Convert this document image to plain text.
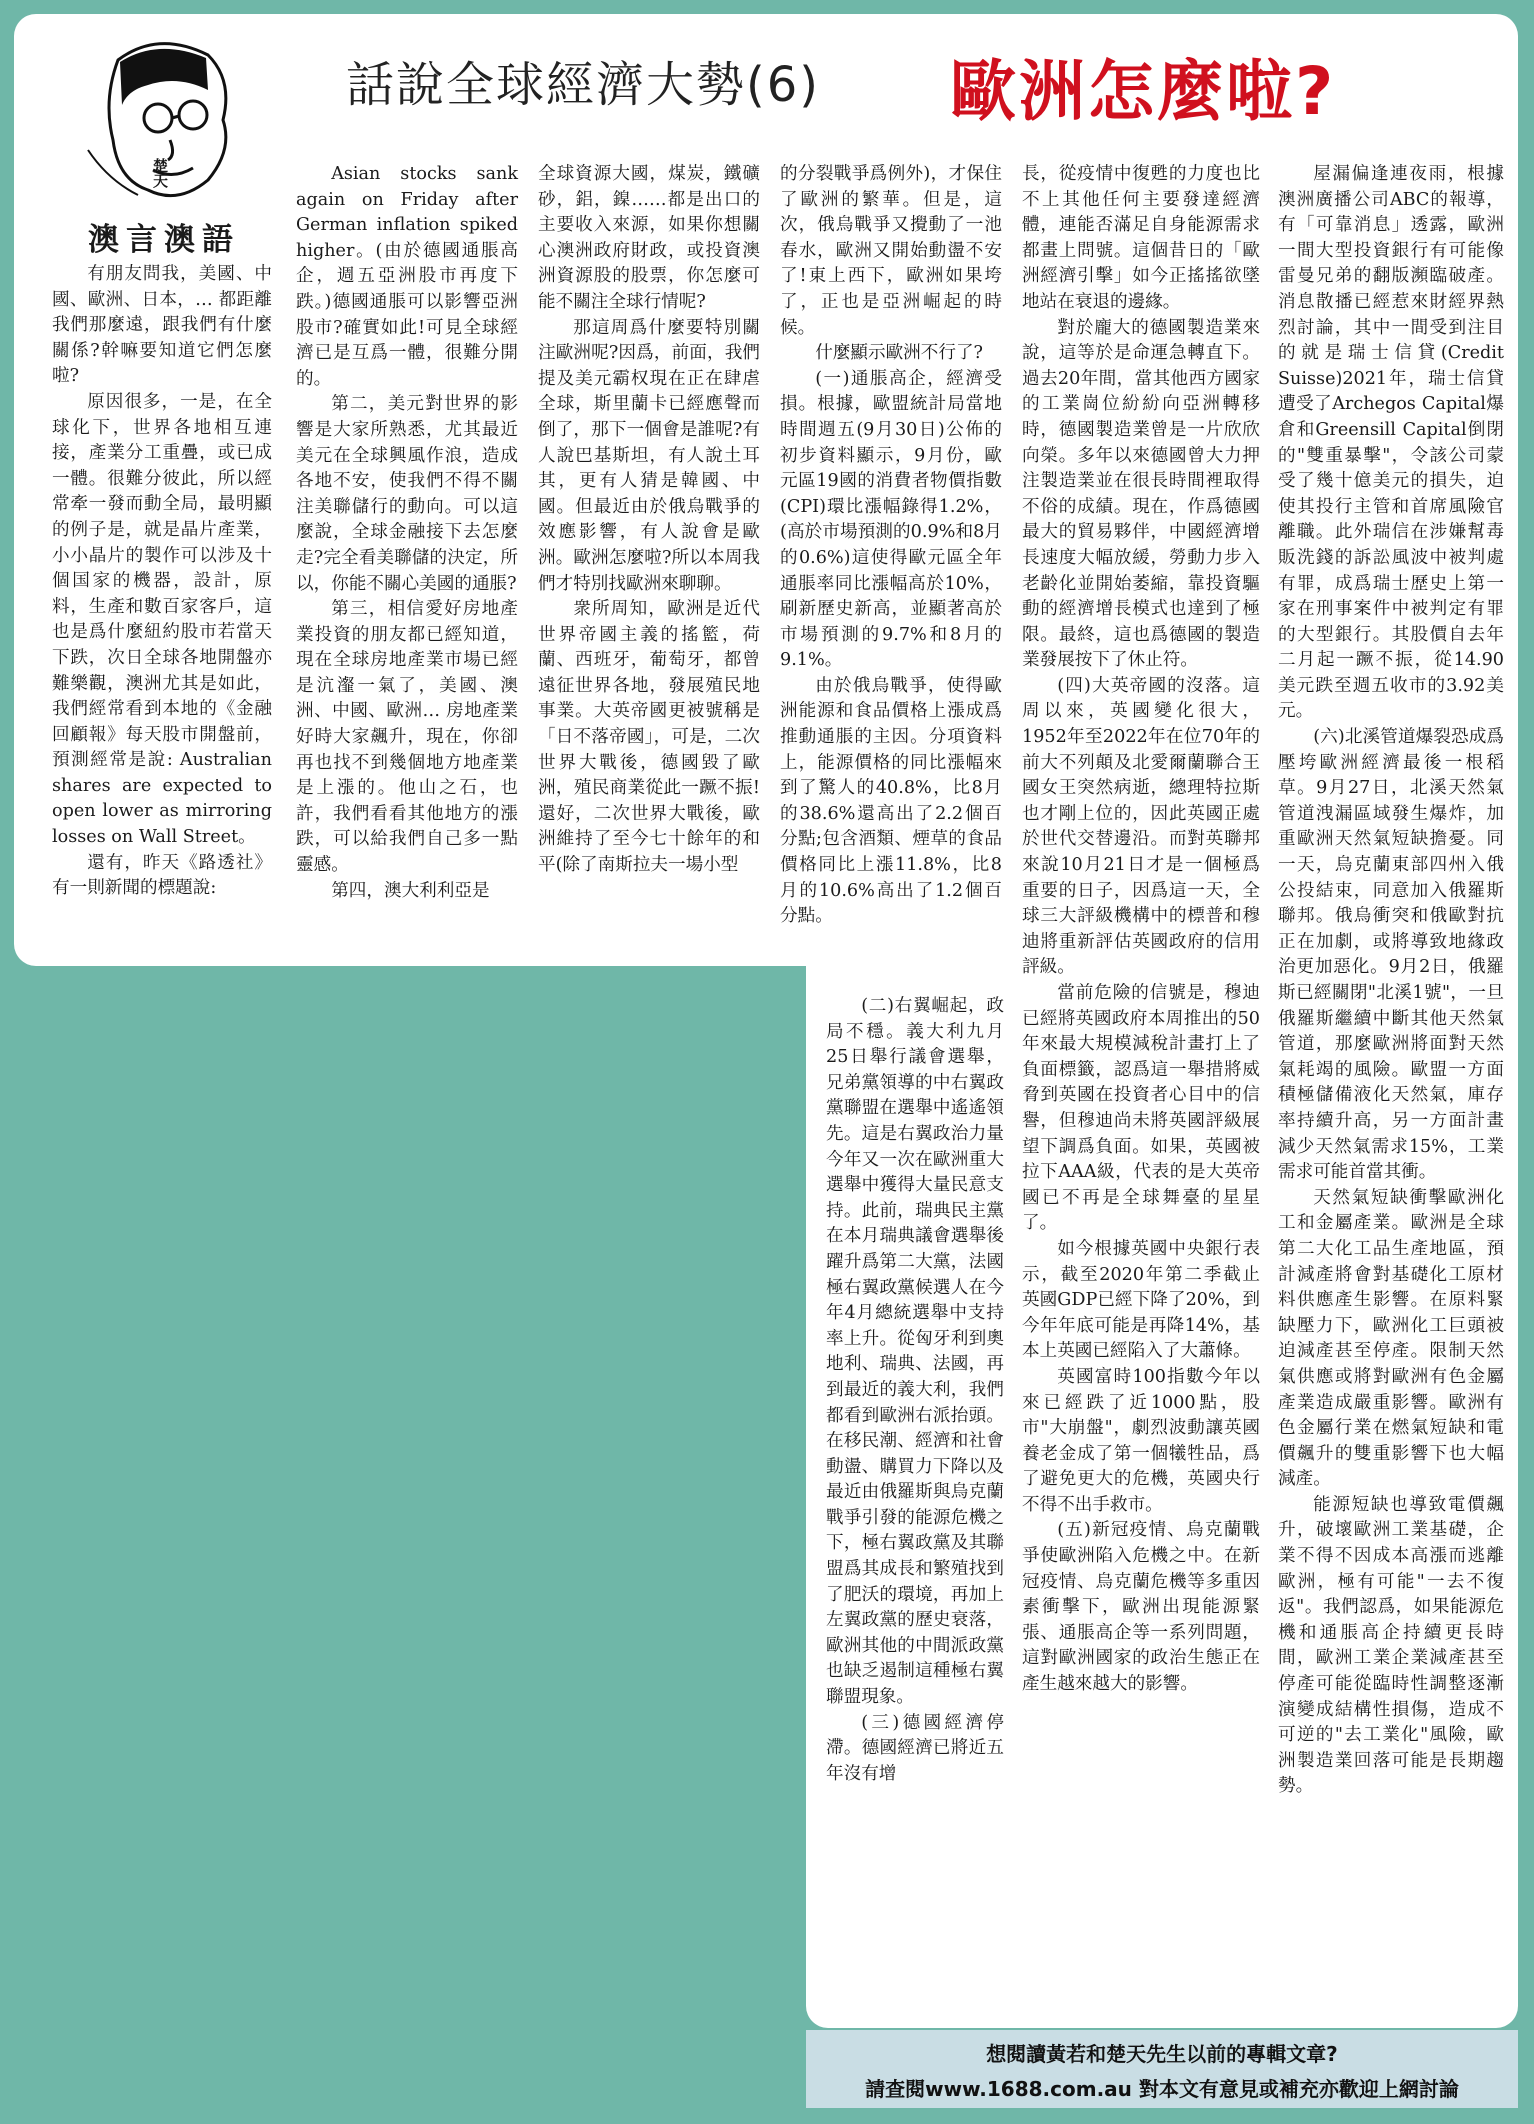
楚天
澳言澳語
話說全球經濟大勢(6) 歐洲怎麼啦?

有朋友問我，美國、中國、歐洲、日本，… 都距離我們那麼遠，跟我們有什麼關係?幹嘛要知道它們怎麼啦?

原因很多，一是，在全球化下，世界各地相互連接，產業分工重疊，或已成一體。很難分彼此，所以經常牽一發而動全局，最明顯的例子是，就是晶片產業，小小晶片的製作可以涉及十個国家的機器，設計，原料，生產和數百家客戶，這也是爲什麼紐約股市若當天下跌，次日全球各地開盤亦難樂觀，澳洲尤其是如此，我們經常看到本地的《金融回顧報》每天股市開盤前，預測經常是說: Australian shares are expected to open lower as mirroring losses on Wall Street。

還有，昨天《路透社》有一則新聞的標題說:

Asian stocks sank again on Friday after German inflation spiked higher。(由於德國通脹高企，週五亞洲股市再度下跌。)德國通脹可以影響亞洲股市?確實如此!可見全球經濟已是互爲一體，很難分開的。

第二，美元對世界的影響是大家所熟悉，尤其最近美元在全球興風作浪，造成各地不安，使我們不得不關注美聯儲行的動向。可以這麼說，全球金融接下去怎麼走?完全看美聯儲的決定，所以，你能不關心美國的通脹?

第三，相信愛好房地產業投資的朋友都已經知道，現在全球房地產業市場已經是沆瀣一氣了，美國、澳洲、中國、歐洲… 房地產業好時大家飆升，現在，你卻再也找不到幾個地方地產業是上漲的。他山之石，也許，我們看看其他地方的漲跌，可以給我們自己多一點靈感。

第四，澳大利利亞是

全球資源大國，煤炭，鐵礦砂，鋁，鎳……都是出口的主要收入來源，如果你想關心澳洲政府財政，或投資澳洲資源股的股票，你怎麼可能不關注全球行情呢?

那這周爲什麼要特別關注歐洲呢?因爲，前面，我們提及美元霸权現在正在肆虐全球，斯里蘭卡已經應聲而倒了，那下一個會是誰呢?有人說巴基斯坦，有人說土耳其，更有人猜是韓國、中國。但最近由於俄烏戰爭的效應影響，有人說會是歐洲。歐洲怎麼啦?所以本周我們才特別找歐洲來聊聊。

衆所周知，歐洲是近代世界帝國主義的搖籃，荷蘭、西班牙，葡萄牙，都曾遠征世界各地，發展殖民地事業。大英帝國更被號稱是「日不落帝國」，可是，二次世界大戰後，德國毀了歐洲，殖民商業從此一蹶不振!還好，二次世界大戰後，歐洲維持了至今七十餘年的和平(除了南斯拉夫一場小型

的分裂戰爭爲例外)，才保住了歐洲的繁華。但是，這次，俄烏戰爭又攪動了一池春水，歐洲又開始動盪不安了!東上西下，歐洲如果垮了，正也是亞洲崛起的時候。

什麼顯示歐洲不行了?

(一)通脹高企，經濟受損。根據，歐盟統計局當地時間週五(9月30日)公佈的初步資料顯示，9月份，歐元區19國的消費者物價指數(CPI)環比漲幅錄得1.2%，(高於市場預測的0.9%和8月的0.6%)這使得歐元區全年通脹率同比漲幅高於10%，刷新歷史新高，並顯著高於市場預測的9.7%和8月的9.1%。

由於俄烏戰爭，使得歐洲能源和食品價格上漲成爲推動通脹的主因。分項資料上，能源價格的同比漲幅來到了驚人的40.8%，比8月的38.6%還高出了2.2個百分點;包含酒類、煙草的食品價格同比上漲11.8%，比8月的10.6%高出了1.2個百分點。

(二)右翼崛起，政局不穩。義大利九月25日舉行議會選舉，兄弟黨領導的中右翼政黨聯盟在選舉中遙遙領先。這是右翼政治力量今年又一次在歐洲重大選舉中獲得大量民意支持。此前，瑞典民主黨在本月瑞典議會選舉後躍升爲第二大黨，法國極右翼政黨候選人在今年4月總統選舉中支持率上升。從匈牙利到奧地利、瑞典、法國，再到最近的義大利，我們都看到歐洲右派抬頭。在移民潮、經濟和社會動盪、購買力下降以及最近由俄羅斯與烏克蘭戰爭引發的能源危機之下，極右翼政黨及其聯盟爲其成長和繁殖找到了肥沃的環境，再加上左翼政黨的歷史衰落，歐洲其他的中間派政黨也缺乏遏制這種極右翼聯盟現象。

(三)德國經濟停滯。德國經濟已將近五年沒有增

長，從疫情中復甦的力度也比不上其他任何主要發達經濟體，連能否滿足自身能源需求都畫上問號。這個昔日的「歐洲經濟引擊」如今正搖搖欲墜地站在衰退的邊緣。

對於龐大的德國製造業來說，這等於是命運急轉直下。過去20年間，當其他西方國家的工業崗位紛紛向亞洲轉移時，德國製造業曾是一片欣欣向榮。多年以來德國曾大力押注製造業並在很長時間裡取得不俗的成績。現在，作爲德國最大的貿易夥伴，中國經濟增長速度大幅放緩，勞動力步入老齡化並開始萎縮，靠投資驅動的經濟增長模式也達到了極限。最終，這也爲德國的製造業發展按下了休止符。

(四)大英帝國的沒落。這周以來，英國變化很大，1952年至2022年在位70年的前大不列顛及北愛爾蘭聯合王國女王突然病逝，總理特拉斯也才剛上位的，因此英國正處於世代交替邊沿。而對英聯邦來說10月21日才是一個極爲重要的日子，因爲這一天，全球三大評級機構中的標普和穆迪將重新評估英國政府的信用評級。

當前危險的信號是，穆迪已經將英國政府本周推出的50年來最大規模減稅計畫打上了負面標籤，認爲這一舉措將威脅到英國在投資者心目中的信譽，但穆迪尚未將英國評級展望下調爲負面。如果，英國被拉下AAA級，代表的是大英帝國已不再是全球舞臺的星星了。

如今根據英國中央銀行表示，截至2020年第二季截止英國GDP已經下降了20%，到今年年底可能是再降14%，基本上英國已經陷入了大蕭條。

英國富時100指數今年以來已經跌了近1000點，股市"大崩盤"，劇烈波動讓英國養老金成了第一個犧牲品，爲了避免更大的危機，英國央行不得不出手救市。

(五)新冠疫情、烏克蘭戰爭使歐洲陷入危機之中。在新冠疫情、烏克蘭危機等多重因素衝擊下，歐洲出現能源緊張、通脹高企等一系列問題，這對歐洲國家的政治生態正在產生越來越大的影響。

屋漏偏逢連夜雨，根據澳洲廣播公司ABC的報導，有「可靠消息」透露，歐洲一間大型投資銀行有可能像雷曼兄弟的翻版瀕臨破產。消息散播已經惹來財經界熱烈討論，其中一間受到注目的就是瑞士信貸(Credit Suisse)2021年，瑞士信貸遭受了Archegos Capital爆倉和Greensill Capital倒閉的"雙重暴擊"，令該公司蒙受了幾十億美元的損失，迫使其投行主管和首席風險官離職。此外瑞信在涉嫌幫毒販洗錢的訴訟風波中被判處有罪，成爲瑞士歷史上第一家在刑事案件中被判定有罪的大型銀行。其股價自去年二月起一蹶不振，從14.90美元跌至週五收市的3.92美元。

(六)北溪管道爆裂恐成爲壓垮歐洲經濟最後一根稻草。9月27日，北溪天然氣管道洩漏區域發生爆炸，加重歐洲天然氣短缺擔憂。同一天，烏克蘭東部四州入俄公投結束，同意加入俄羅斯聯邦。俄烏衝突和俄歐對抗正在加劇，或將導致地緣政治更加惡化。9月2日，俄羅斯已經關閉"北溪1號"，一旦俄羅斯繼續中斷其他天然氣管道，那麼歐洲將面對天然氣耗竭的風險。歐盟一方面積極儲備液化天然氣，庫存率持續升高，另一方面計畫減少天然氣需求15%，工業需求可能首當其衝。

天然氣短缺衝擊歐洲化工和金屬產業。歐洲是全球第二大化工品生產地區，預計減產將會對基礎化工原材料供應產生影響。在原料緊缺壓力下，歐洲化工巨頭被迫減產甚至停產。限制天然氣供應或將對歐洲有色金屬產業造成嚴重影響。歐洲有色金屬行業在燃氣短缺和電價飆升的雙重影響下也大幅減產。

能源短缺也導致電價飆升，破壞歐洲工業基礎，企業不得不因成本高漲而逃離歐洲，極有可能"一去不復返"。我們認爲，如果能源危機和通脹高企持續更長時間，歐洲工業企業減產甚至停產可能從臨時性調整逐漸演變成結構性損傷，造成不可逆的"去工業化"風險，歐洲製造業回落可能是長期趨勢。

想閱讀黃若和楚天先生以前的專輯文章?
請查閱www.1688.com.au 對本文有意見或補充亦歡迎上網討論
